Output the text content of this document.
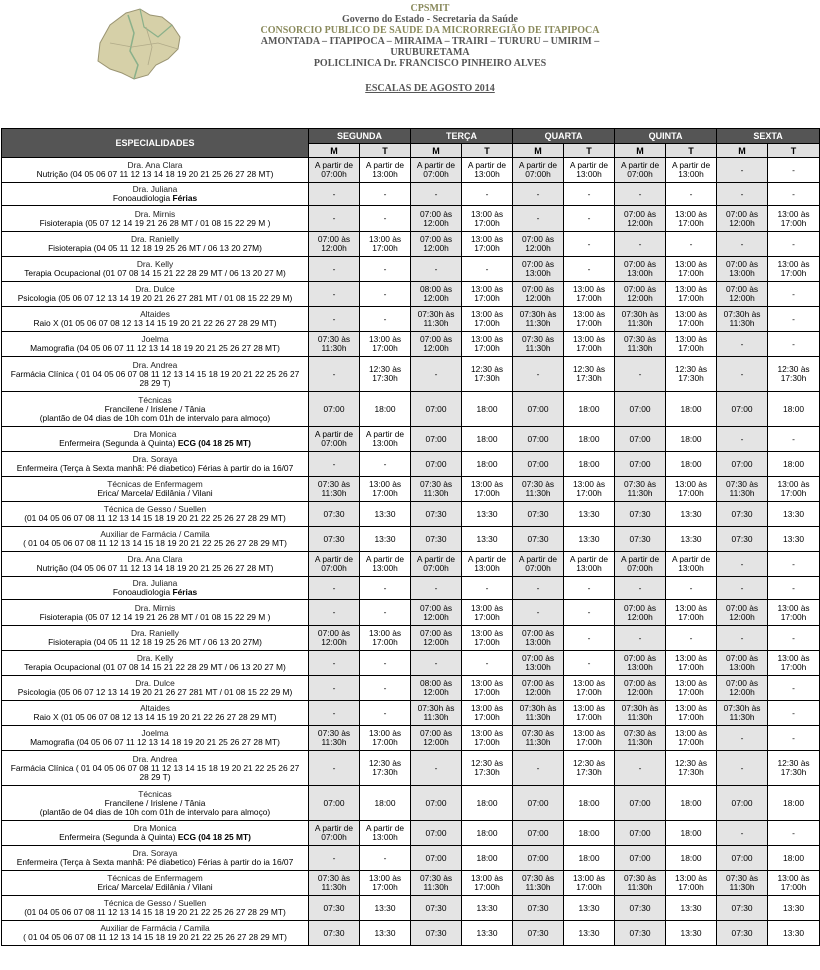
CPSMIT
Governo do Estado - Secretaria da Saúde
CONSORCIO PUBLICO DE SAUDE DA MICRORREGIÃO DE ITAPIPOCA
AMONTADA – ITAPIPOCA – MIRAIMA – TRAIRI – TURURU – UMIRIM – URUBURETAMA
POLICLINICA Dr. FRANCISCO PINHEIRO ALVES
ESCALAS DE AGOSTO 2014
ESPECIALIDADES	SEGUNDA		TERÇA		QUARTA		QUINTA		SEXTA	
	M	T	M	T	M	T	M	T	M	T

Dra. Ana Clara
Nutrição (04 05 06 07 11 12 13 14 18 19 20 21 25 26 27 28 MT)	A partir de
07:00h	A partir de
13:00h	A partir de
07:00h	A partir de
13:00h	A partir de
07:00h	A partir de
13:00h	A partir de
07:00h	A partir de
13:00h	-	-

Dra. Juliana
Fonoaudiologia Férias	-	-	-	-	-	-	-	-	-	-

Dra. Mirnis
Fisioterapia (05 07 12 14 19 21 26 28 MT / 01 08 15 22 29 M )	-	-	07:00 às
12:00h	13:00 às
17:00h	-	-	07:00 às
12:00h	13:00 às
17:00h	07:00 às
12:00h	13:00 às
17:00h

Dra. Ranielly
Fisioterapia (04 05 11 12 18 19 25 26 MT / 06 13 20 27M)	07:00 às
12:00h	13:00 às
17:00h	07:00 às
12:00h	13:00 às
17:00h	07:00 às
12:00h	-	-	-	-	-

Dra. Kelly
Terapia Ocupacional (01 07 08 14 15 21 22 28 29 MT / 06 13 20 27 M)	-	-	-	-	07:00 às
13:00h	-	07:00 às
13:00h	13:00 às
17:00h	07:00 às
13:00h	13:00 às
17:00h

Dra. Dulce
Psicologia (05 06 07 12 13 14 19 20 21 26 27 281 MT / 01 08 15 22 29 M)	-	-	08:00 às
12:00h	13:00 às
17:00h	07:00 às
12:00h	13:00 às
17:00h	07:00 às
12:00h	13:00 às
17:00h	07:00 às
12:00h	-

Altaides
Raio X (01 05 06 07 08 12 13 14 15 19 20 21 22 26 27 28 29 MT)	-	-	07:30h às
11:30h	13:00 às
17:00h	07:30h às
11:30h	13:00 às
17:00h	07:30h às
11:30h	13:00 às
17:00h	07:30h às
11:30h	-

Joelma
Mamografia (04 05 06 07 11 12 13 14 18 19 20 21 25 26 27 28 MT)	07:30 às
11:30h	13:00 às
17:00h	07:00 às
12:00h	13:00 às
17:00h	07:30 às
11:30h	13:00 às
17:00h	07:30 às
11:30h	13:00 às
17:00h	-	-

Dra. Andrea
Farmácia Clínica ( 01 04 05 06 07 08 11 12 13 14 15 18 19 20 21 22 25 26 27
28 29 T)	-	12:30 às
17:30h	-	12:30 às
17:30h	-	12:30 às
17:30h	-	12:30 às
17:30h	-	12:30 às
17:30h

Técnicas
Francilene / Irislene / Tânia
(plantão de 04 dias de 10h com 01h de intervalo para almoço)	07:00	18:00	07:00	18:00	07:00	18:00	07:00	18:00	07:00	18:00

Dra Monica
Enfermeira (Segunda à Quinta) ECG (04 18 25 MT)	A partir de
07:00h	A partir de
13:00h	07:00	18:00	07:00	18:00	07:00	18:00	-	-

Dra. Soraya
Enfermeira (Terça à Sexta manhã: Pé diabetico) Férias à partir do ia 16/07	-	-	07:00	18:00	07:00	18:00	07:00	18:00	07:00	18:00

Técnicas de Enfermagem
Erica/ Marcela/ Edilânia / Vilani	07:30 às
11:30h	13:00 às
17:00h	07:30 às
11:30h	13:00 às
17:00h	07:30 às
11:30h	13:00 às
17:00h	07:30 às
11:30h	13:00 às
17:00h	07:30 às
11:30h	13:00 às
17:00h

Técnica de Gesso / Suellen
(01 04 05 06 07 08 11 12 13 14 15 18 19 20 21 22 25 26 27 28 29 MT)	07:30	13:30	07:30	13:30	07:30	13:30	07:30	13:30	07:30	13:30

Auxiliar de Farmácia / Camila
( 01 04 05 06 07 08 11 12 13 14 15 18 19 20 21 22 25 26 27 28 29 MT)	07:30	13:30	07:30	13:30	07:30	13:30	07:30	13:30	07:30	13:30

Dra. Ana Clara
Nutrição (04 05 06 07 11 12 13 14 18 19 20 21 25 26 27 28 MT)	A partir de
07:00h	A partir de
13:00h	A partir de
07:00h	A partir de
13:00h	A partir de
07:00h	A partir de
13:00h	A partir de
07:00h	A partir de
13:00h	-	-

Dra. Juliana
Fonoaudiologia Férias	-	-	-	-	-	-	-	-	-	-

Dra. Mirnis
Fisioterapia (05 07 12 14 19 21 26 28 MT / 01 08 15 22 29 M )	-	-	07:00 às
12:00h	13:00 às
17:00h	-	-	07:00 às
12:00h	13:00 às
17:00h	07:00 às
12:00h	13:00 às
17:00h

Dra. Ranielly
Fisioterapia (04 05 11 12 18 19 25 26 MT / 06 13 20 27M)	07:00 às
12:00h	13:00 às
17:00h	07:00 às
12:00h	13:00 às
17:00h	07:00 às
13:00h	-	-	-	-	-

Dra. Kelly
Terapia Ocupacional (01 07 08 14 15 21 22 28 29 MT / 06 13 20 27 M)	-	-	-	-	07:00 às
13:00h	-	07:00 às
13:00h	13:00 às
17:00h	07:00 às
13:00h	13:00 às
17:00h

Dra. Dulce
Psicologia (05 06 07 12 13 14 19 20 21 26 27 281 MT / 01 08 15 22 29 M)	-	-	08:00 às
12:00h	13:00 às
17:00h	07:00 às
12:00h	13:00 às
17:00h	07:00 às
12:00h	13:00 às
17:00h	07:00 às
12:00h	-

Altaides
Raio X (01 05 06 07 08 12 13 14 15 19 20 21 22 26 27 28 29 MT)	-	-	07:30h às
11:30h	13:00 às
17:00h	07:30h às
11:30h	13:00 às
17:00h	07:30h às
11:30h	13:00 às
17:00h	07:30h às
11:30h	-

Joelma
Mamografia (04 05 06 07 11 12 13 14 18 19 20 21 25 26 27 28 MT)	07:30 às
11:30h	13:00 às
17:00h	07:00 às
12:00h	13:00 às
17:00h	07:30 às
11:30h	13:00 às
17:00h	07:30 às
11:30h	13:00 às
17:00h	-	-

Dra. Andrea
Farmácia Clínica ( 01 04 05 06 07 08 11 12 13 14 15 18 19 20 21 22 25 26 27
28 29 T)	-	12:30 às
17:30h	-	12:30 às
17:30h	-	12:30 às
17:30h	-	12:30 às
17:30h	-	12:30 às
17:30h

Técnicas
Francilene / Irislene / Tânia
(plantão de 04 dias de 10h com 01h de intervalo para almoço)	07:00	18:00	07:00	18:00	07:00	18:00	07:00	18:00	07:00	18:00

Dra Monica
Enfermeira (Segunda à Quinta) ECG (04 18 25 MT)	A partir de
07:00h	A partir de
13:00h	07:00	18:00	07:00	18:00	07:00	18:00	-	-

Dra. Soraya
Enfermeira (Terça à Sexta manhã: Pé diabetico) Férias à partir do ia 16/07	-	-	07:00	18:00	07:00	18:00	07:00	18:00	07:00	18:00

Técnicas de Enfermagem
Erica/ Marcela/ Edilânia / Vilani	07:30 às
11:30h	13:00 às
17:00h	07:30 às
11:30h	13:00 às
17:00h	07:30 às
11:30h	13:00 às
17:00h	07:30 às
11:30h	13:00 às
17:00h	07:30 às
11:30h	13:00 às
17:00h

Técnica de Gesso / Suellen
(01 04 05 06 07 08 11 12 13 14 15 18 19 20 21 22 25 26 27 28 29 MT)	07:30	13:30	07:30	13:30	07:30	13:30	07:30	13:30	07:30	13:30

Auxiliar de Farmácia / Camila
( 01 04 05 06 07 08 11 12 13 14 15 18 19 20 21 22 25 26 27 28 29 MT)	07:30	13:30	07:30	13:30	07:30	13:30	07:30	13:30	07:30	13:30
